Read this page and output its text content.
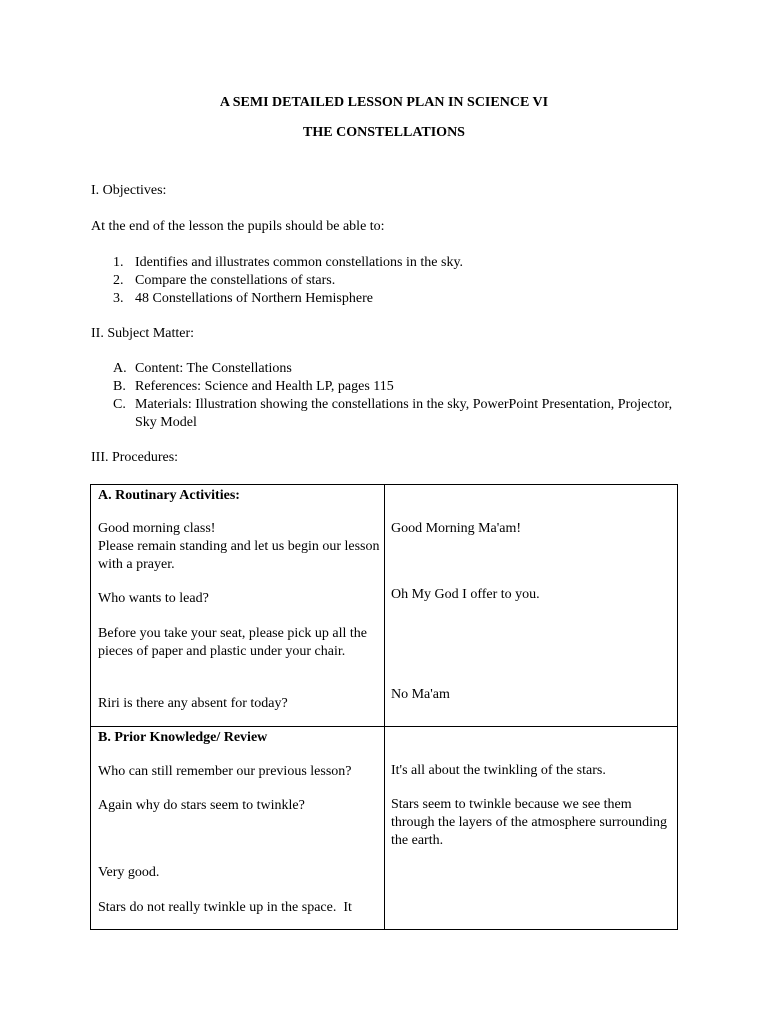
A SEMI DETAILED LESSON PLAN IN SCIENCE VI
THE CONSTELLATIONS
I. Objectives:
At the end of the lesson the pupils should be able to:
1. Identifies and illustrates common constellations in the sky.
2. Compare the constellations of stars.
3. 48 Constellations of Northern Hemisphere
II. Subject Matter:
A. Content: The Constellations
B. References: Science and Health LP, pages 115
C. Materials: Illustration showing the constellations in the sky, PowerPoint Presentation, Projector, Sky Model
III. Procedures:
A. Routinary Activities:
Good morning class!
Please remain standing and let us begin our lesson with a prayer.
Who wants to lead?
Before you take your seat, please pick up all the pieces of paper and plastic under your chair.
Riri is there any absent for today?
Good Morning Ma'am!
Oh My God I offer to you.
No Ma'am
B. Prior Knowledge/ Review
Who can still remember our previous lesson?
Again why do stars seem to twinkle?
Very good.
Stars do not really twinkle up in the space.  It
It's all about the twinkling of the stars.
Stars seem to twinkle because we see them through the layers of the atmosphere surrounding the earth.
